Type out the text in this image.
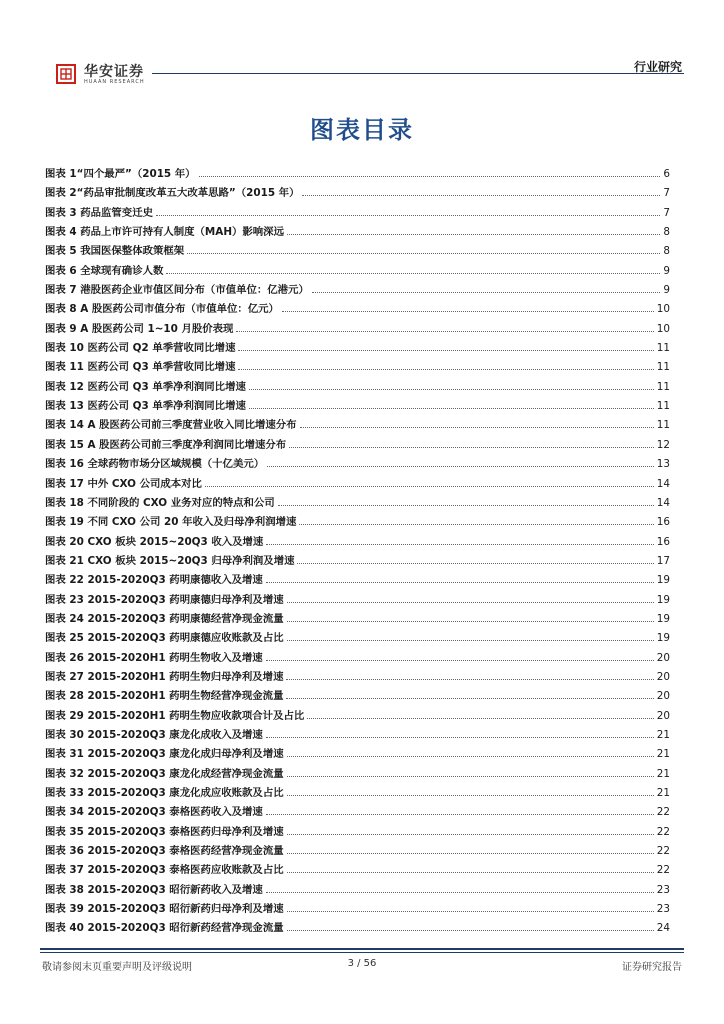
华安证券
HUAAN RESEARCH
行业研究
图表目录
图表 1“四个最严”（2015 年）	6
图表 2“药品审批制度改革五大改革思路”（2015 年）	7
图表 3 药品监管变迁史	7
图表 4 药品上市许可持有人制度（MAH）影响深远	8
图表 5 我国医保整体政策框架	8
图表 6 全球现有确诊人数	9
图表 7 港股医药企业市值区间分布（市值单位：亿港元）	9
图表 8 A 股医药公司市值分布（市值单位：亿元）	10
图表 9 A 股医药公司 1~10 月股价表现	10
图表 10 医药公司 Q2 单季营收同比增速	11
图表 11 医药公司 Q3 单季营收同比增速	11
图表 12 医药公司 Q3 单季净利润同比增速	11
图表 13 医药公司 Q3 单季净利润同比增速	11
图表 14 A 股医药公司前三季度营业收入同比增速分布	11
图表 15 A 股医药公司前三季度净利润同比增速分布	12
图表 16 全球药物市场分区域规模（十亿美元）	13
图表 17 中外 CXO 公司成本对比	14
图表 18 不同阶段的 CXO 业务对应的特点和公司	14
图表 19 不同 CXO 公司 20 年收入及归母净利润增速	16
图表 20 CXO 板块 2015~20Q3 收入及增速	16
图表 21 CXO 板块 2015~20Q3 归母净利润及增速	17
图表 22 2015-2020Q3 药明康德收入及增速	19
图表 23 2015-2020Q3 药明康德归母净利及增速	19
图表 24 2015-2020Q3 药明康德经营净现金流量	19
图表 25 2015-2020Q3 药明康德应收账款及占比	19
图表 26 2015-2020H1 药明生物收入及增速	20
图表 27 2015-2020H1 药明生物归母净利及增速	20
图表 28 2015-2020H1 药明生物经营净现金流量	20
图表 29 2015-2020H1 药明生物应收款项合计及占比	20
图表 30 2015-2020Q3 康龙化成收入及增速	21
图表 31 2015-2020Q3 康龙化成归母净利及增速	21
图表 32 2015-2020Q3 康龙化成经营净现金流量	21
图表 33 2015-2020Q3 康龙化成应收账款及占比	21
图表 34 2015-2020Q3 泰格医药收入及增速	22
图表 35 2015-2020Q3 泰格医药归母净利及增速	22
图表 36 2015-2020Q3 泰格医药经营净现金流量	22
图表 37 2015-2020Q3 泰格医药应收账款及占比	22
图表 38 2015-2020Q3 昭衍新药收入及增速	23
图表 39 2015-2020Q3 昭衍新药归母净利及增速	23
图表 40 2015-2020Q3 昭衍新药经营净现金流量	24
敬请参阅末页重要声明及评级说明	3 / 56	证券研究报告
